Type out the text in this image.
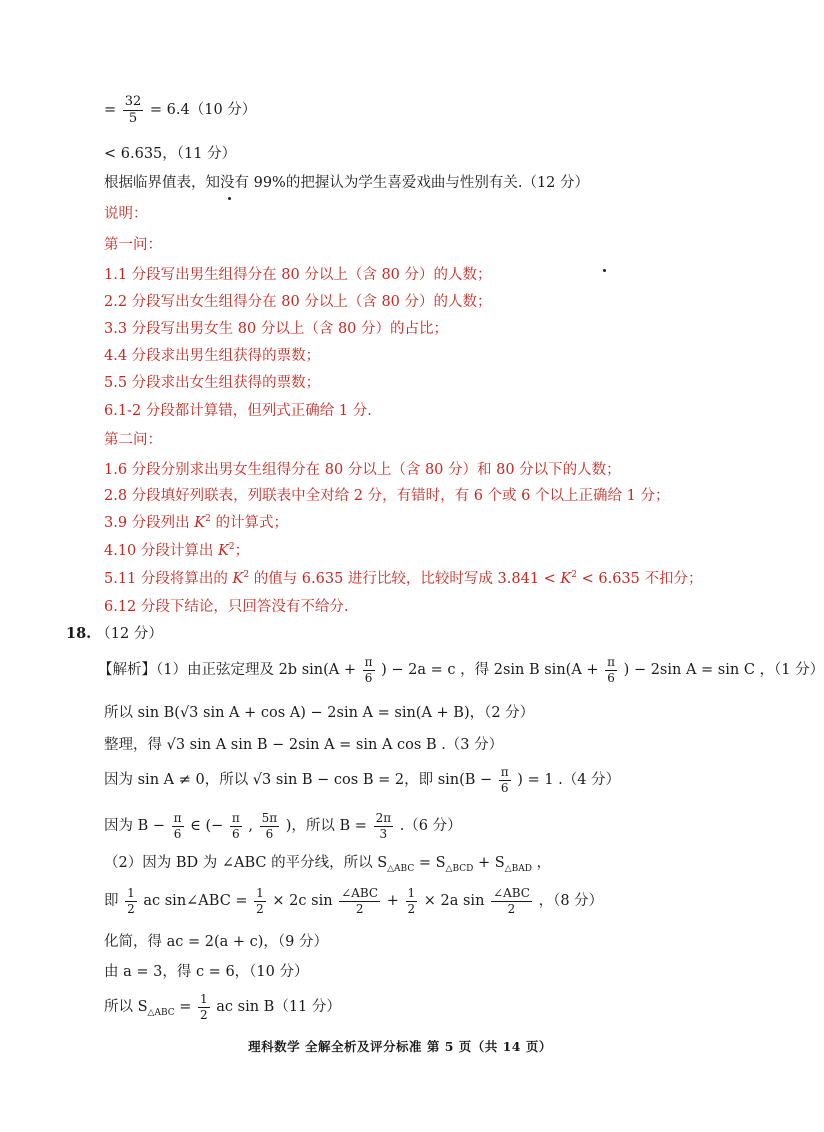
= $\frac{32}{5} = 6.4(10$ 分）
< 6.635，（11 分）
根据临界值表，知没有 99%的把握认为学生喜爱戏曲与性别有关.（12 分）
说明：
第一问：
1.1 分段写出男生组得分在 80 分以上（含 80 分）的人数；
2.2 分段写出女生组得分在 80 分以上（含 80 分）的人数；
3.3 分段写出男女生 80 分以上（含 80 分）的占比；
4.4 分段求出男生组获得的票数；
5.5 分段求出女生组获得的票数；
6.1-2 分段都计算错，但列式正确给 1 分.
第二问：
1.6 分段分别求出男女生组得分在 80 分以上（含 80 分）和 80 分以下的人数；
2.8 分段填好列联表，列联表中全对给 2 分，有错时，有 6 个或 6 个以上正确给 1 分；
3.9 分段列出 $K^2$ 的计算式；
4.10 分段计算出 $K^2$；
5.11 分段将算出的 $K^2$ 的值与 6.635 进行比较，比较时写成 $3.841 < K^2 < 6.635$ 不扣分；
6.12 分段下结论，只回答没有不给分.
18. （12 分）
【解析】（1）由正弦定理及 2b $\sin(A + \frac{\pi}{6}$ ) − 2a = c ，得 2sin B $\sin(A + \frac{\pi}{6}$ ) − 2sin A = sin C ，（1 分）
所以 sin B(√3 sin A + cos A) − 2sin A = sin(A + B)，（2 分）
整理，得 √3 sin A sin B − 2sin A = sin A cos B .（3 分）
因为 sin A ≠ 0，所以 √3 sin B − cos B = 2，即 $\sin(B - \frac{\pi}{6}$ ) = 1 .（4 分）
因为 $B - \frac{\pi}{6}$ ∈ (− $\frac{\pi}{6}$ , $\frac{5\pi}{6}$ )，所以 $B = \frac{2\pi}{3} .(6$ 分）
（2）因为 BD 为 ∠ABC 的平分线，所以 $S_{\triangle ABC} = S_{\triangle BCD} + S_{\triangle BAD}$ ，
即 $\frac{1}{2}$ ac sin∠ABC = $\frac{1}{2} \times 2c$ $\sin \frac{\text{∠ABC}}{2} + \frac{1}{2} \times 2a$ $\sin \frac{\text{∠ABC}}{2}$ ，（8 分）
化简，得 ac = 2(a + c)，（9 分）
由 a = 3，得 c = 6，（10 分）
所以 $S_{\triangle ABC} = \frac{1}{2}$ ac sin B（11 分）
理科数学 全解全析及评分标准 第 5 页（共 14 页）
